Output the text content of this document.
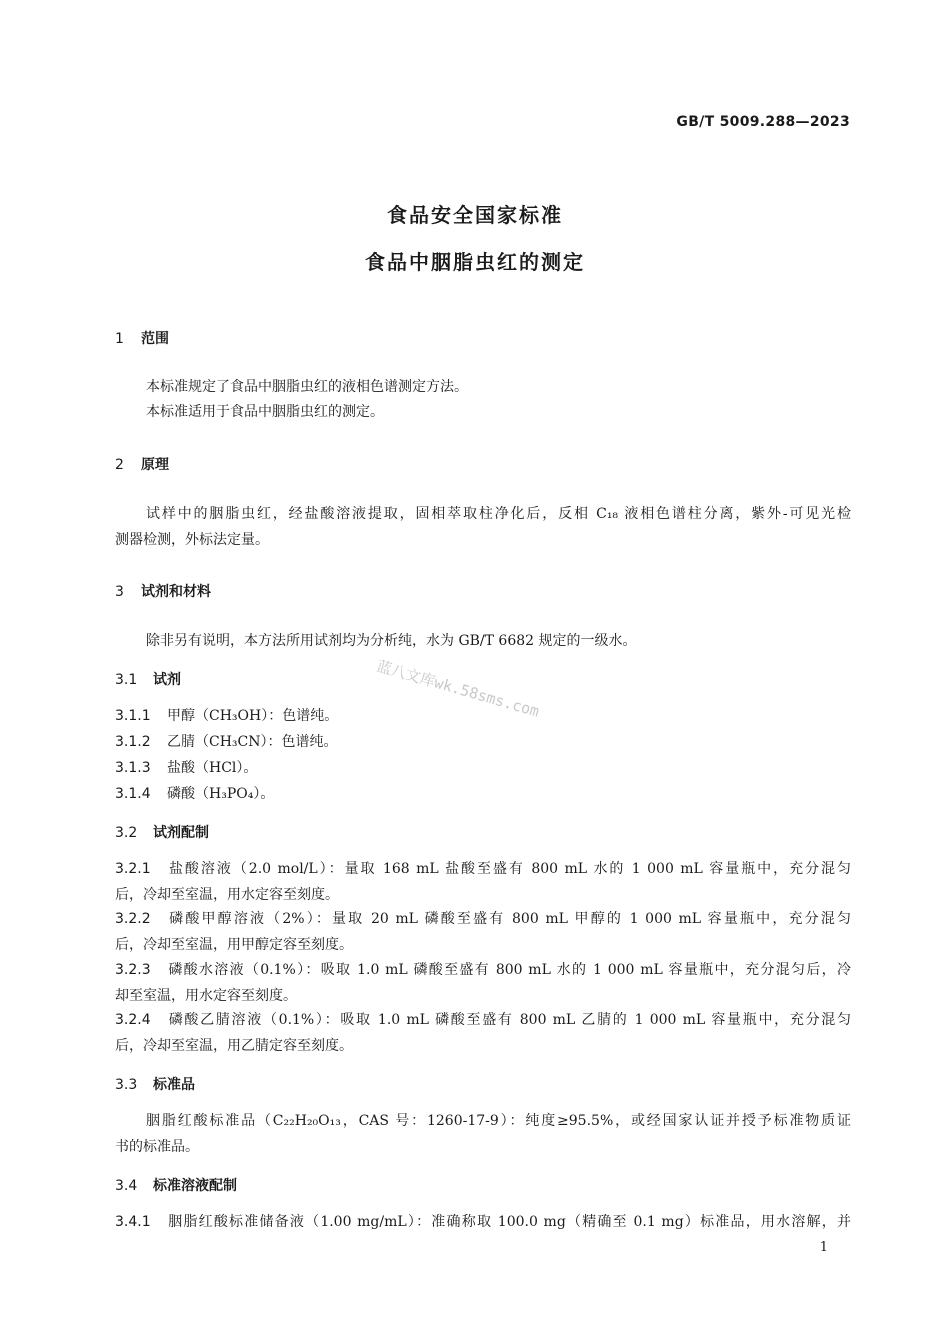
GB/T 5009.288—2023
食品安全国家标准
食品中胭脂虫红的测定
1 范围
本标准规定了食品中胭脂虫红的液相色谱测定方法。
本标准适用于食品中胭脂虫红的测定。
2 原理
试样中的胭脂虫红，经盐酸溶液提取，固相萃取柱净化后，反相 C₁₈ 液相色谱柱分离，紫外-可见光检
测器检测，外标法定量。
3 试剂和材料
除非另有说明，本方法所用试剂均为分析纯，水为 GB/T 6682 规定的一级水。
3.1 试剂
3.1.1 甲醇（CH₃OH）：色谱纯。
3.1.2 乙腈（CH₃CN）：色谱纯。
3.1.3 盐酸（HCl）。
3.1.4 磷酸（H₃PO₄）。
3.2 试剂配制
3.2.1 盐酸溶液（2.0 mol/L）：量取 168 mL 盐酸至盛有 800 mL 水的 1 000 mL 容量瓶中，充分混匀
后，冷却至室温，用水定容至刻度。
3.2.2 磷酸甲醇溶液（2%）：量取 20 mL 磷酸至盛有 800 mL 甲醇的 1 000 mL 容量瓶中，充分混匀
后，冷却至室温，用甲醇定容至刻度。
3.2.3 磷酸水溶液（0.1%）：吸取 1.0 mL 磷酸至盛有 800 mL 水的 1 000 mL 容量瓶中，充分混匀后，冷
却至室温，用水定容至刻度。
3.2.4 磷酸乙腈溶液（0.1%）：吸取 1.0 mL 磷酸至盛有 800 mL 乙腈的 1 000 mL 容量瓶中，充分混匀
后，冷却至室温，用乙腈定容至刻度。
3.3 标准品
胭脂红酸标准品（C₂₂H₂₀O₁₃，CAS 号：1260-17-9）：纯度≥95.5%，或经国家认证并授予标准物质证
书的标准品。
3.4 标准溶液配制
3.4.1 胭脂红酸标准储备液（1.00 mg/mL）：准确称取 100.0 mg（精确至 0.1 mg）标准品，用水溶解，并
蓝八文库wk.58sms.com
1
